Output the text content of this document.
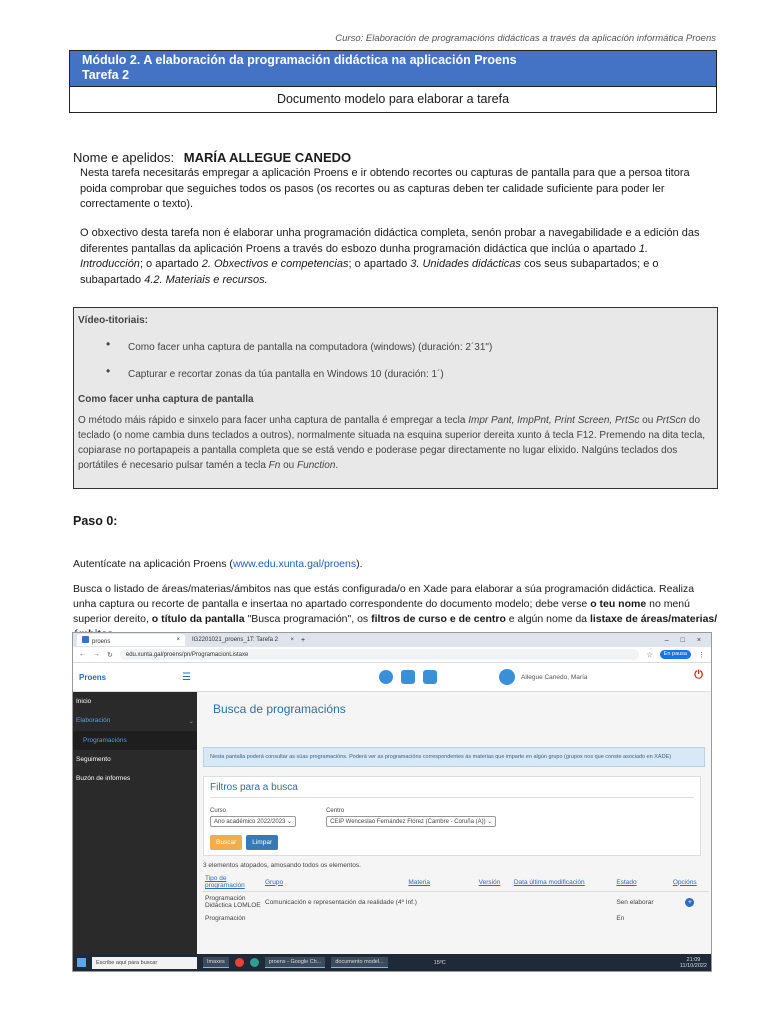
Curso: Elaboración de programacións didácticas a través da aplicación informática Proens
Módulo 2. A elaboración da programación didáctica na aplicación Proens
Tarefa 2
Documento modelo para elaborar a tarefa
Nome e apelidos: MARÍA ALLEGUE CANEDO
Nesta tarefa necesitarás empregar a aplicación Proens e ir obtendo recortes ou capturas de pantalla para que a persoa titora poida comprobar que seguiches todos os pasos (os recortes ou as capturas deben ter calidade suficiente para poder ler correctamente o texto).
O obxectivo desta tarefa non é elaborar unha programación didáctica completa, senón probar a navegabilidade e a edición das diferentes pantallas da aplicación Proens a través do esbozo dunha programación didáctica que inclúa o apartado 1. Introducción; o apartado 2. Obxectivos e competencias; o apartado 3. Unidades didácticas cos seus subapartados; e o subapartado 4.2. Materiais e recursos.
Vídeo-titoriais:
• Como facer unha captura de pantalla na computadora (windows) (duración: 2´31")
• Capturar e recortar zonas da túa pantalla en Windows 10 (duración: 1´)
Como facer unha captura de pantalla
O método máis rápido e sinxelo para facer unha captura de pantalla é empregar a tecla Impr Pant, ImpPnt, Print Screen, PrtSc ou PrtScn do teclado (o nome cambia duns teclados a outros), normalmente situada na esquina superior dereita xunto á tecla F12. Premendo na dita tecla, copiarase no portapapeis a pantalla completa que se está vendo e poderase pegar directamente no lugar elixido. Nalgúns teclados dos portátiles é necesario pulsar tamén a tecla Fn ou Function.
Paso 0:
Autentícate na aplicación Proens (www.edu.xunta.gal/proens).
Busca o listado de áreas/materias/ámbitos nas que estás configurada/o en Xade para elaborar a súa programación didáctica. Realiza unha captura ou recorte de pantalla e insertaa no apartado correspondente do documento modelo; debe verse o teu nome no menú superior dereito, o título da pantalla "Busca programación", os filtros de curso e de centro e algún nome da listaxe de áreas/materias/
proens	× IG2201021_proens_1T: Tarefa 2 × +	– □ ×
← → ↻	edu.xunta.gal/proens/pn/ProgramacionListaxe	☆	En pausa	⋮
Proens	☰
Inicio
Elaboración	⌄
Programacións
Seguimento
Buzón de informes
Allegue Canedo, María	⏻
Busca de programacións
Nesta pantalla poderá consultar as súas programacións. Poderá ver as programacións correspondentes ás materias que imparte en algún grupo (grupos nos que conste asociado en XADE)
Filtros para a busca
Curso
Ano académico 2022/2023 ⌄
Centro
CEIP Wenceslao Fernández Flórez (Cambre - Coruña (A)) ⌄
Buscar	Limpar
3 elementos atopados, amosando todos os elementos.
Tipo de programación	Grupo	Materia	Versión	Data última modificación	Estado	Opcións
Programación Didáctica LOMLOE	Comunicación e representación da realidade (4º Inf.)				Sen elaborar	+
Programación					En	
Escribe aquí para buscar	Imaxes	proens - Google Ch...	documento model...	15ºC	21:09
11/10/2022
